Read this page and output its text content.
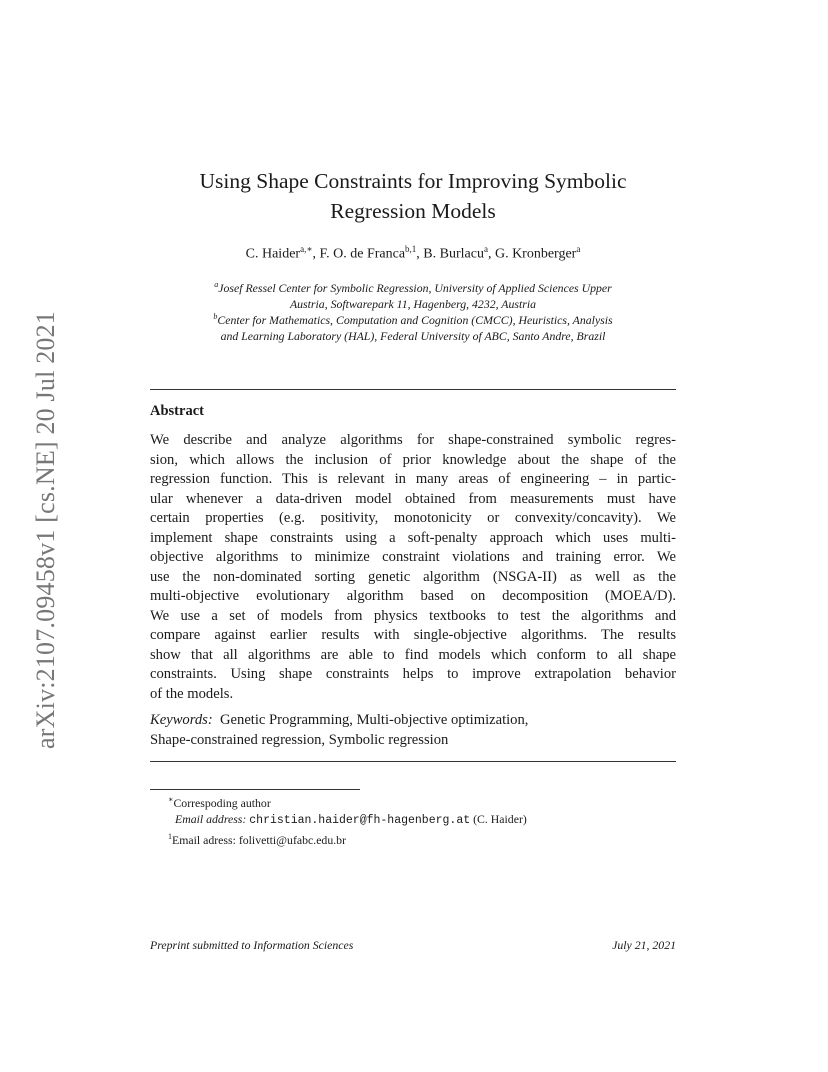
arXiv:2107.09458v1 [cs.NE] 20 Jul 2021
Using Shape Constraints for Improving Symbolic
Regression Models
C. Haider$^{a,∗}$, F. O. de Franca$^{b,1}$, B. Burlacu$^a$, G. Kronberger$^a$
$^a$Josef Ressel Center for Symbolic Regression, University of Applied Sciences Upper
Austria, Softwarepark 11, Hagenberg, 4232, Austria
$^b$Center for Mathematics, Computation and Cognition (CMCC), Heuristics, Analysis
and Learning Laboratory (HAL), Federal University of ABC, Santo Andre, Brazil
Abstract
We describe and analyze algorithms for shape-constrained symbolic regres-
sion, which allows the inclusion of prior knowledge about the shape of the
regression function. This is relevant in many areas of engineering – in partic-
ular whenever a data-driven model obtained from measurements must have
certain properties (e.g. positivity, monotonicity or convexity/concavity). We
implement shape constraints using a soft-penalty approach which uses multi-
objective algorithms to minimize constraint violations and training error. We
use the non-dominated sorting genetic algorithm (NSGA-II) as well as the
multi-objective evolutionary algorithm based on decomposition (MOEA/D).
We use a set of models from physics textbooks to test the algorithms and
compare against earlier results with single-objective algorithms. The results
show that all algorithms are able to find models which conform to all shape
constraints. Using shape constraints helps to improve extrapolation behavior
of the models.
Keywords: Genetic Programming, Multi-objective optimization,
Shape-constrained regression, Symbolic regression
∗Correspoding author
Email address: christian.haider@fh-hagenberg.at (C. Haider)
$^1$Email adress: folivetti@ufabc.edu.br
Preprint submitted to Information Sciences	July 21, 2021
